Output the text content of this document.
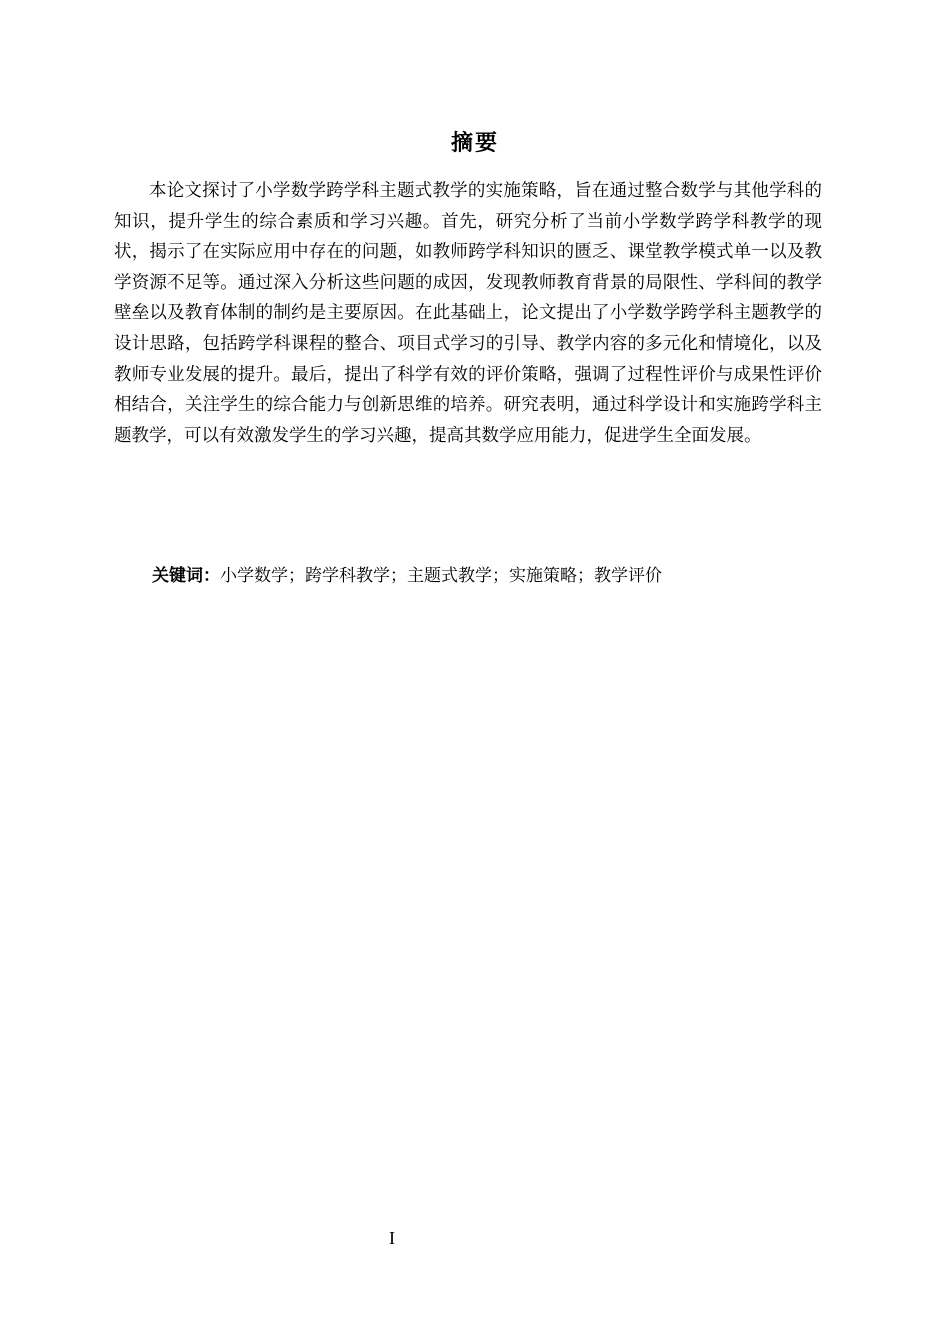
摘要

本论文探讨了小学数学跨学科主题式教学的实施策略，旨在通过整合数学与其他学科的知识，提升学生的综合素质和学习兴趣。首先，研究分析了当前小学数学跨学科教学的现状，揭示了在实际应用中存在的问题，如教师跨学科知识的匮乏、课堂教学模式单一以及教学资源不足等。通过深入分析这些问题的成因，发现教师教育背景的局限性、学科间的教学壁垒以及教育体制的制约是主要原因。在此基础上，论文提出了小学数学跨学科主题教学的设计思路，包括跨学科课程的整合、项目式学习的引导、教学内容的多元化和情境化，以及教师专业发展的提升。最后，提出了科学有效的评价策略，强调了过程性评价与成果性评价相结合，关注学生的综合能力与创新思维的培养。研究表明，通过科学设计和实施跨学科主题教学，可以有效激发学生的学习兴趣，提高其数学应用能力，促进学生全面发展。

关键词：小学数学；跨学科教学；主题式教学；实施策略；教学评价
I
